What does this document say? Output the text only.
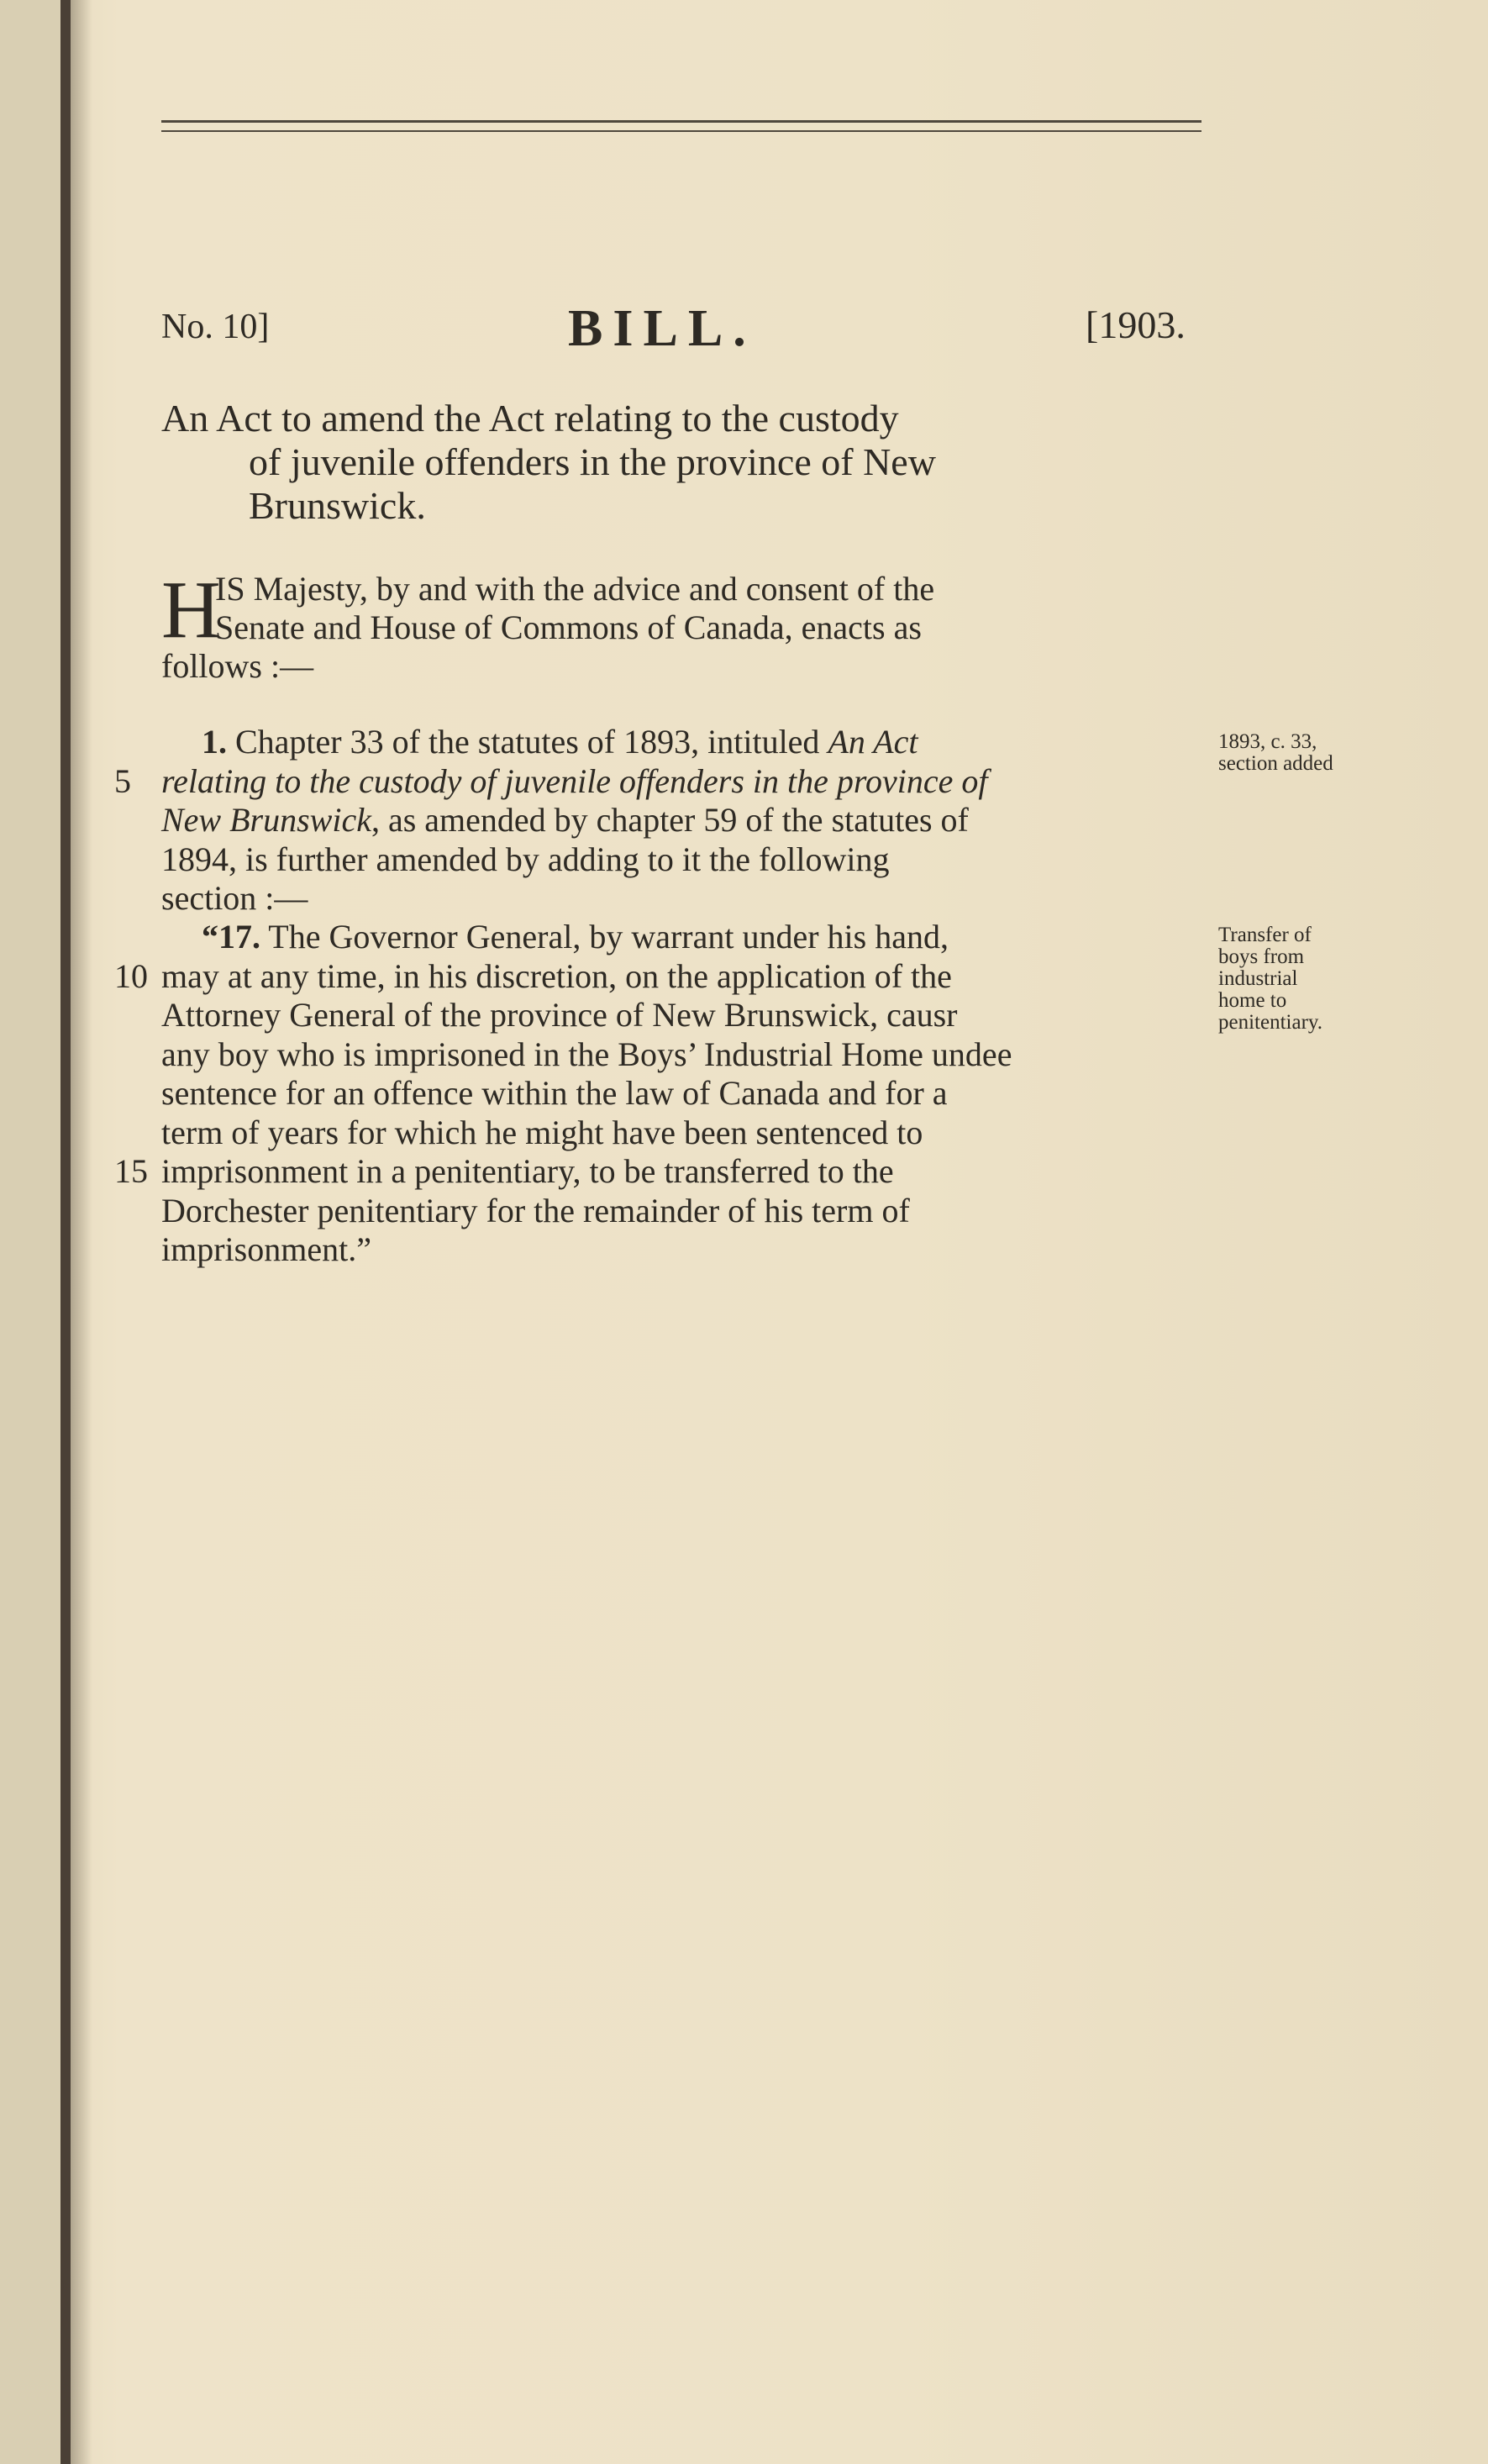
No. 10]	BILL.	[1903.
An Act to amend the Act relating to the custody
of juvenile offenders in the province of New
Brunswick.
H
IS Majesty, by and with the advice and consent of the
Senate and House of Commons of Canada, enacts as
follows :—
1. Chapter 33 of the statutes of 1893, intituled An Act
5 relating to the custody of juvenile offenders in the province of
New Brunswick, as amended by chapter 59 of the statutes of
1894, is further amended by adding to it the following
section :—
“17. The Governor General, by warrant under his hand,
10 may at any time, in his discretion, on the application of the
Attorney General of the province of New Brunswick, causr
any boy who is imprisoned in the Boys’ Industrial Home undee
sentence for an offence within the law of Canada and for a
term of years for which he might have been sentenced to
15 imprisonment in a penitentiary, to be transferred to the
Dorchester penitentiary for the remainder of his term of
imprisonment.”
1893, c. 33,
section added
Transfer of
boys from
industrial
home to
penitentiary.
